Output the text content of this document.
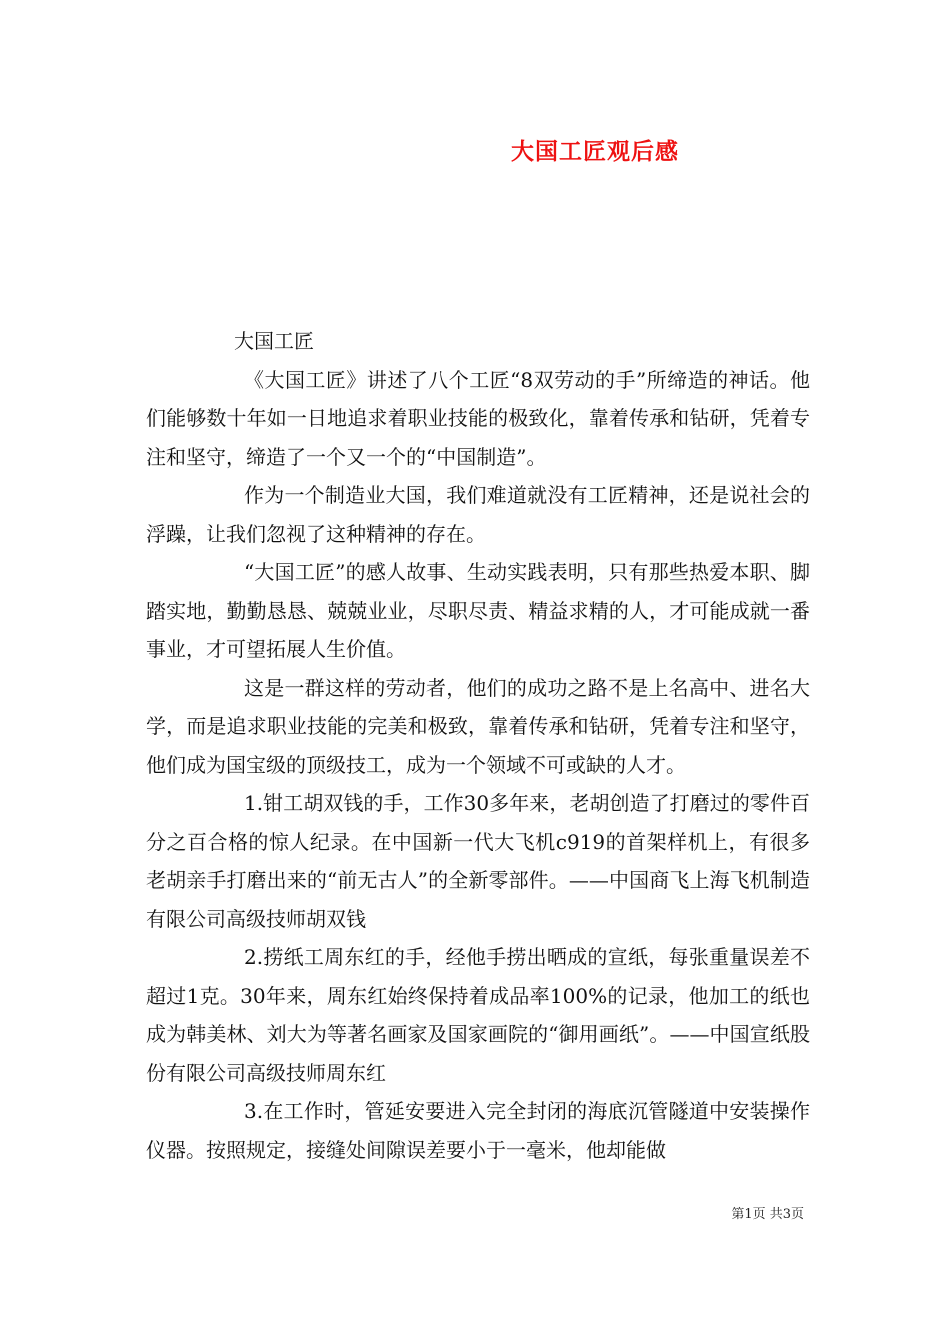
大国工匠观后感

大国工匠

《大国工匠》讲述了八个工匠“8双劳动的手”所缔造的神话。他们能够数十年如一日地追求着职业技能的极致化，靠着传承和钻研，凭着专注和坚守，缔造了一个又一个的“中国制造”。

作为一个制造业大国，我们难道就没有工匠精神，还是说社会的浮躁，让我们忽视了这种精神的存在。

“大国工匠”的感人故事、生动实践表明，只有那些热爱本职、脚踏实地，勤勤恳恳、兢兢业业，尽职尽责、精益求精的人，才可能成就一番事业，才可望拓展人生价值。

这是一群这样的劳动者，他们的成功之路不是上名高中、进名大学，而是追求职业技能的完美和极致，靠着传承和钻研，凭着专注和坚守，他们成为国宝级的顶级技工，成为一个领域不可或缺的人才。

1.钳工胡双钱的手，工作30多年来，老胡创造了打磨过的零件百分之百合格的惊人纪录。在中国新一代大飞机c919的首架样机上，有很多老胡亲手打磨出来的“前无古人”的全新零部件。——中国商飞上海飞机制造有限公司高级技师胡双钱

2.捞纸工周东红的手，经他手捞出晒成的宣纸，每张重量误差不超过1克。30年来，周东红始终保持着成品率100%的记录，他加工的纸也成为韩美林、刘大为等著名画家及国家画院的“御用画纸”。——中国宣纸股份有限公司高级技师周东红

3.在工作时，管延安要进入完全封闭的海底沉管隧道中安装操作仪器。按照规定，接缝处间隙误差要小于一毫米，他却能做

第1页 共3页
